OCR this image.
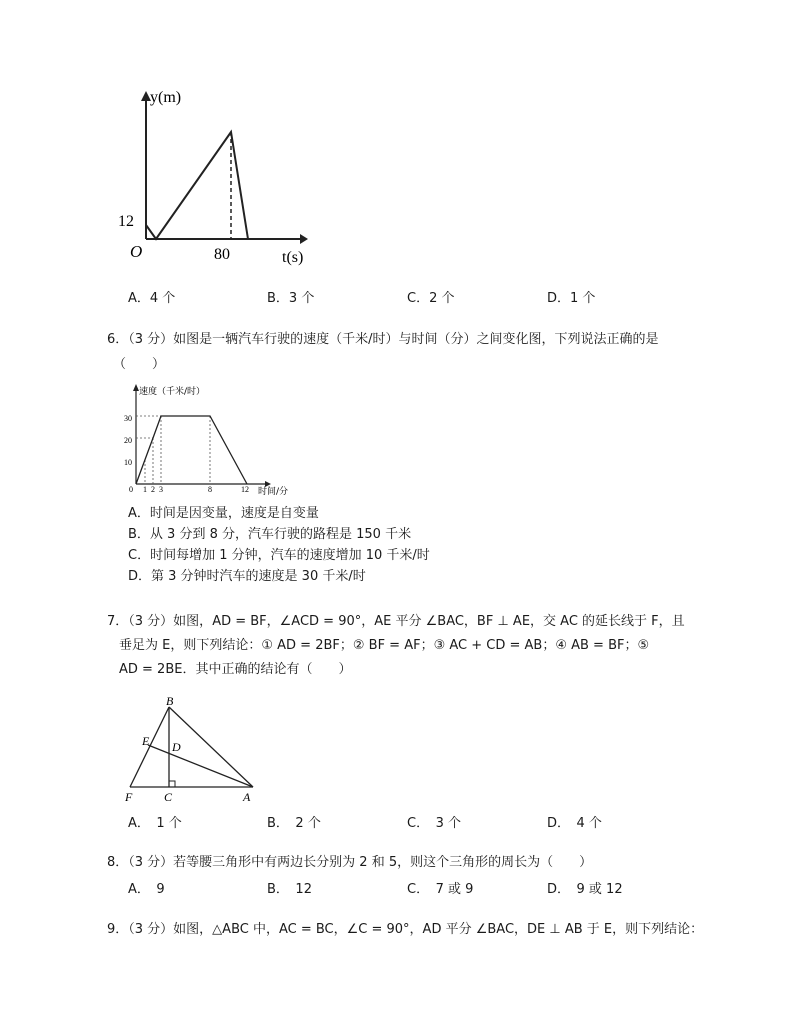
y(m)
t(s)
O
12
80
A．4 个	B．3 个	C．2 个	D．1 个
6．（3 分）如图是一辆汽车行驶的速度（千米/时）与时间（分）之间变化图，下列说法正确的是
（　　）
速度（千米/时）
时间/分
10
20
30
0 1 2 3	8	12
A．时间是因变量，速度是自变量
B．从 3 分到 8 分，汽车行驶的路程是 150 千米
C．时间每增加 1 分钟，汽车的速度增加 10 千米/时
D．第 3 分钟时汽车的速度是 30 千米/时
7．（3 分）如图，AD = BF，∠ACD = 90°，AE 平分 ∠BAC，BF ⊥ AE，交 AC 的延长线于 F，且
垂足为 E，则下列结论：① AD = 2BF；② BF = AF；③ AC + CD = AB；④ AB = BF；⑤
AD = 2BE．其中正确的结论有（　　）
B
E D
F	C	A
A．　1 个	B．　2 个	C．　3 个	D．　4 个
8．（3 分）若等腰三角形中有两边长分别为 2 和 5，则这个三角形的周长为（　　）
A．　9	B．　12	C．　7 或 9	D．　9 或 12
9．（3 分）如图，△ABC 中，AC = BC，∠C = 90°，AD 平分 ∠BAC，DE ⊥ AB 于 E，则下列结论：
